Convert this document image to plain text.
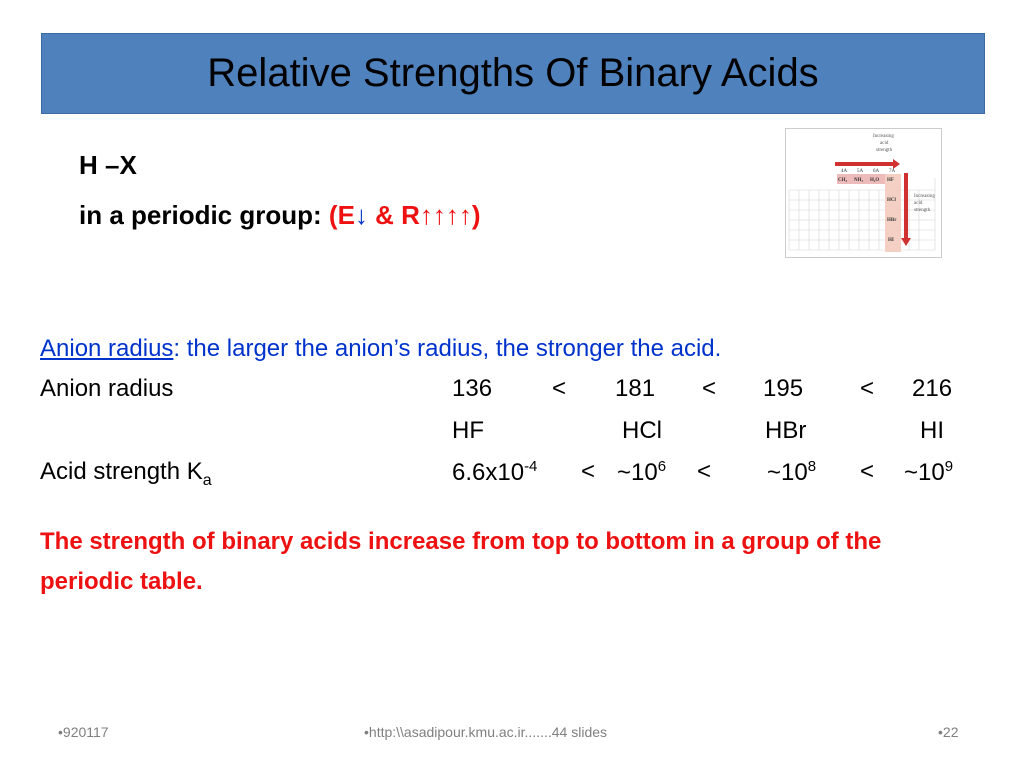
Relative Strengths Of Binary Acids
H –X
in a periodic group: (E↓ & R↑↑↑↑)
Increasing
acid
strength
4A 5A 6A 7A
CH₄ NH₃ H₂O HF
HCl
HBr
HI
Increasing
acid
strength
Anion radius: the larger the anion’s radius, the stronger the acid.
Anion radius	136 < 181 < 195 < 216
HF	HCl	HBr	HI
Acid strength $K_a$	$6.6x10^{-4}$ < $\sim 10^6$ < $\sim 10^8$ < $\sim 10^9$
The strength of binary acids increase from top to bottom in a group of the periodic table.
•920117	•http:\\asadipour.kmu.ac.ir.......44 slides	•22
